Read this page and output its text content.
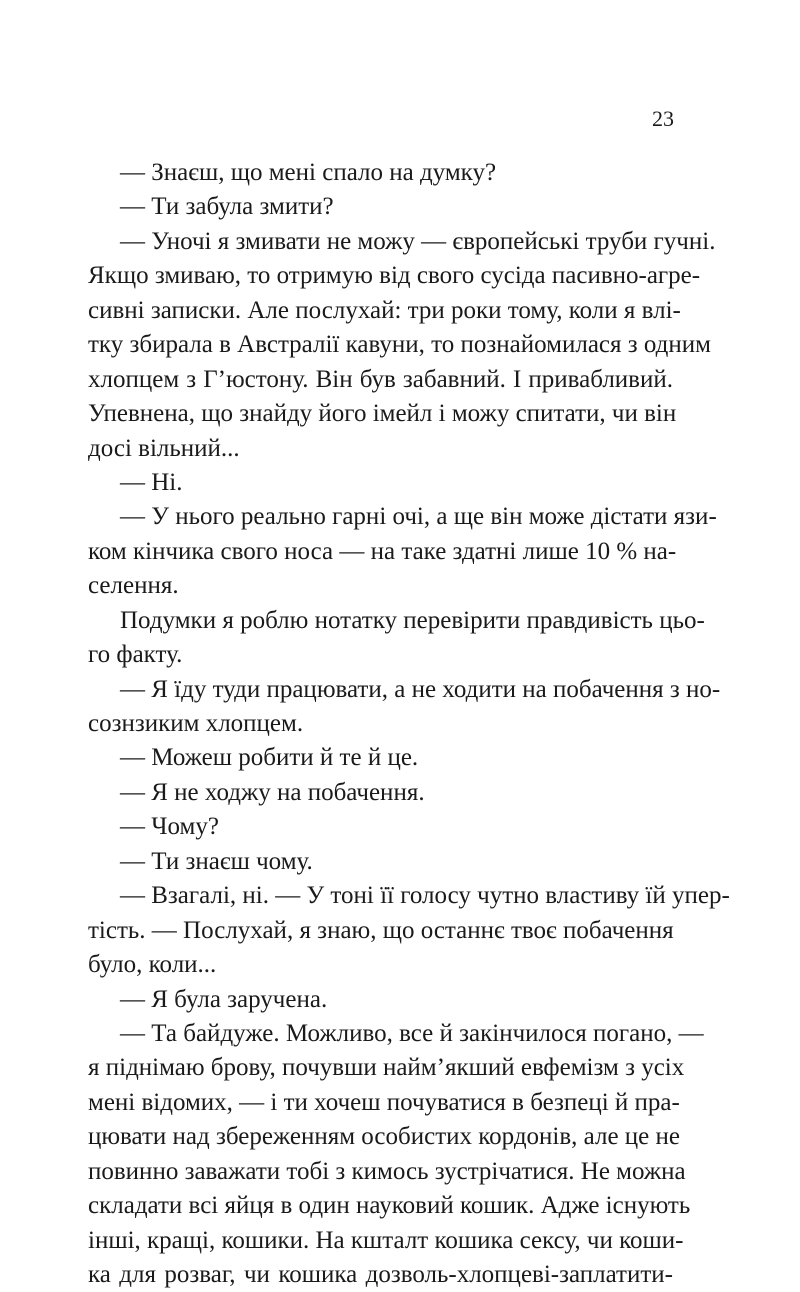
23
— Знаєш, що мені спало на думку?
— Ти забула змити?
— Уночі я змивати не можу — європейські труби гучні.
Якщо змиваю, то отримую від свого сусіда пасивно-агре-
сивні записки. Але послухай: три роки тому, коли я влі-
тку збирала в Австралії кавуни, то познайомилася з одним
хлопцем з Г’юстону. Він був забавний. І привабливий.
Упевнена, що знайду його імейл і можу спитати, чи він
досі вільний...
— Ні.
— У нього реально гарні очі, а ще він може дістати язи-
ком кінчика свого носа — на таке здатні лише 10 % на-
селення.
Подумки я роблю нотатку перевірити правдивість цьо-
го факту.
— Я їду туди працювати, а не ходити на побачення з но-
сознзиким хлопцем.
— Можеш робити й те й це.
— Я не ходжу на побачення.
— Чому?
— Ти знаєш чому.
— Взагалі, ні. — У тоні її голосу чутно властиву їй упер-
тість. — Послухай, я знаю, що останнє твоє побачення
було, коли...
— Я була заручена.
— Та байдуже. Можливо, все й закінчилося погано, —
я піднімаю брову, почувши найм’якший евфемізм з усіх
мені відомих, — і ти хочеш почуватися в безпеці й пра-
цювати над збереженням особистих кордонів, але це не
повинно заважати тобі з кимось зустрічатися. Не можна
складати всі яйця в один науковий кошик. Адже існують
інші, кращі, кошики. На кшталт кошика сексу, чи коши-
ка для розваг, чи кошика дозволь-хлопцеві-заплатити-
